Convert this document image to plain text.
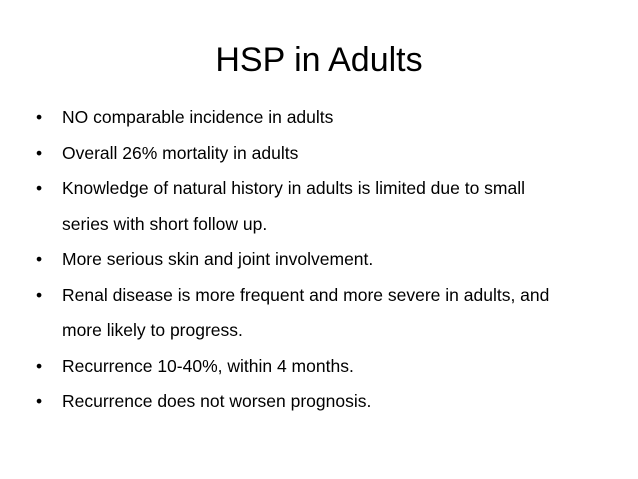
HSP in Adults
• NO comparable incidence in adults
• Overall 26% mortality in adults
• Knowledge of natural history in adults is limited due to small
series with short follow up.
• More serious skin and joint involvement.
• Renal disease is more frequent and more severe in adults, and
more likely to progress.
• Recurrence 10-40%, within 4 months.
• Recurrence does not worsen prognosis.
